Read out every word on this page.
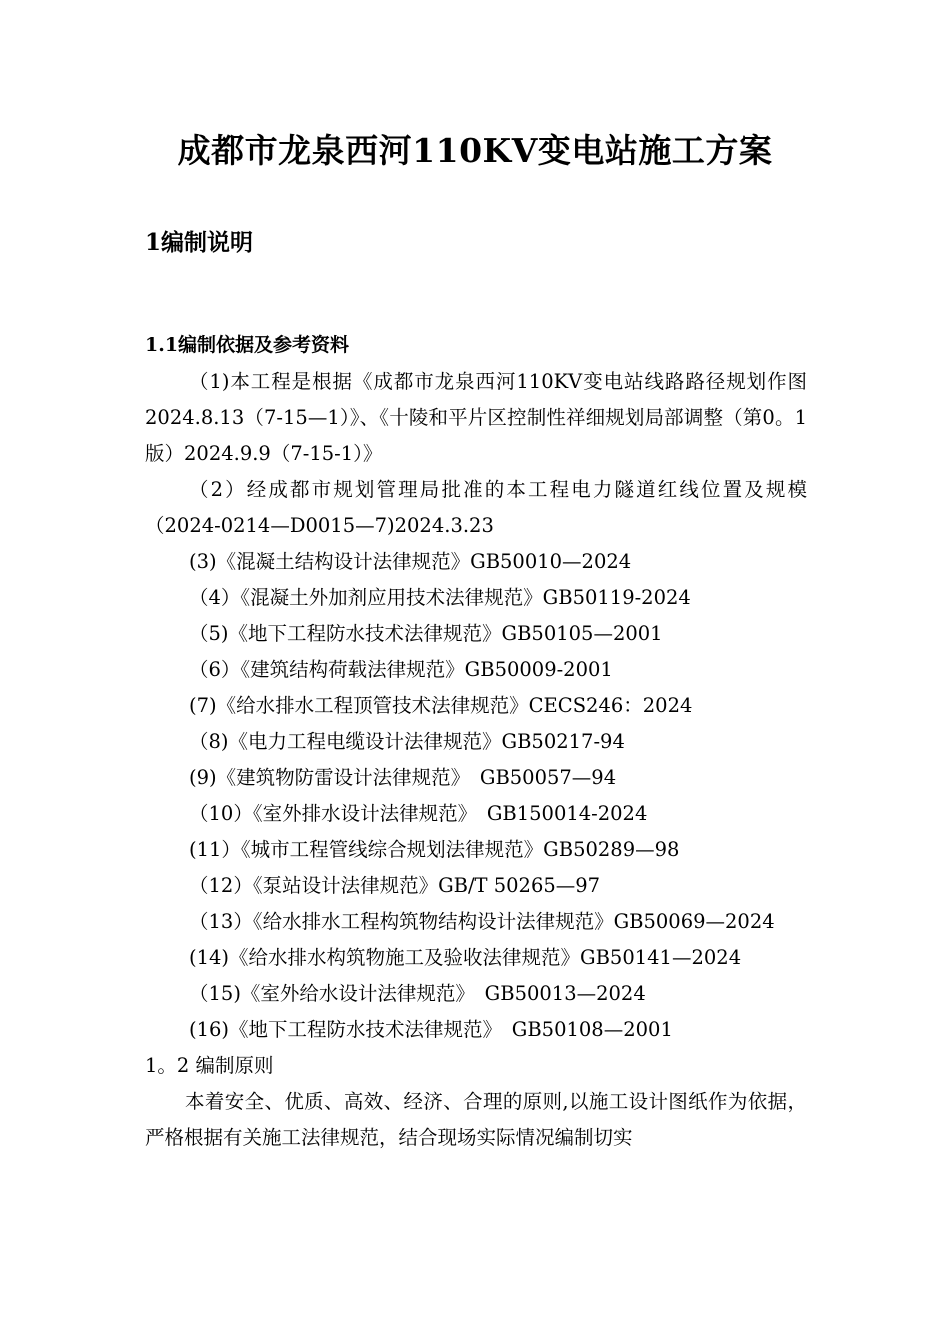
成都市龙泉西河110KV变电站施工方案
1编制说明
1.1编制依据及参考资料

（1)本工程是根据《成都市龙泉西河110KV变电站线路路径规划作图2024.8.13（7-15—1）》、《十陵和平片区控制性祥细规划局部调整（第0。1版）2024.9.9（7-15-1）》

（2）经成都市规划管理局批准的本工程电力隧道红线位置及规模（2024-0214—D0015—7)2024.3.23

(3)《混凝土结构设计法律规范》GB50010—2024

（4）《混凝土外加剂应用技术法律规范》GB50119-2024

（5)《地下工程防水技术法律规范》GB50105—2001

（6）《建筑结构荷载法律规范》GB50009-2001

(7)《给水排水工程顶管技术法律规范》CECS246：2024

（8)《电力工程电缆设计法律规范》GB50217-94

(9)《建筑物防雷设计法律规范》　GB50057—94

（10）《室外排水设计法律规范》　GB150014-2024

(11）《城市工程管线综合规划法律规范》GB50289—98

（12）《泵站设计法律规范》GB/T 50265—97

（13）《给水排水工程构筑物结构设计法律规范》GB50069—2024

(14)《给水排水构筑物施工及验收法律规范》GB50141—2024

（15)《室外给水设计法律规范》　GB50013—2024

(16)《地下工程防水技术法律规范》　GB50108—2001

1。2 编制原则

本着安全、优质、高效、经济、合理的原则,以施工设计图纸作为依据，严格根据有关施工法律规范，结合现场实际情况编制切实
